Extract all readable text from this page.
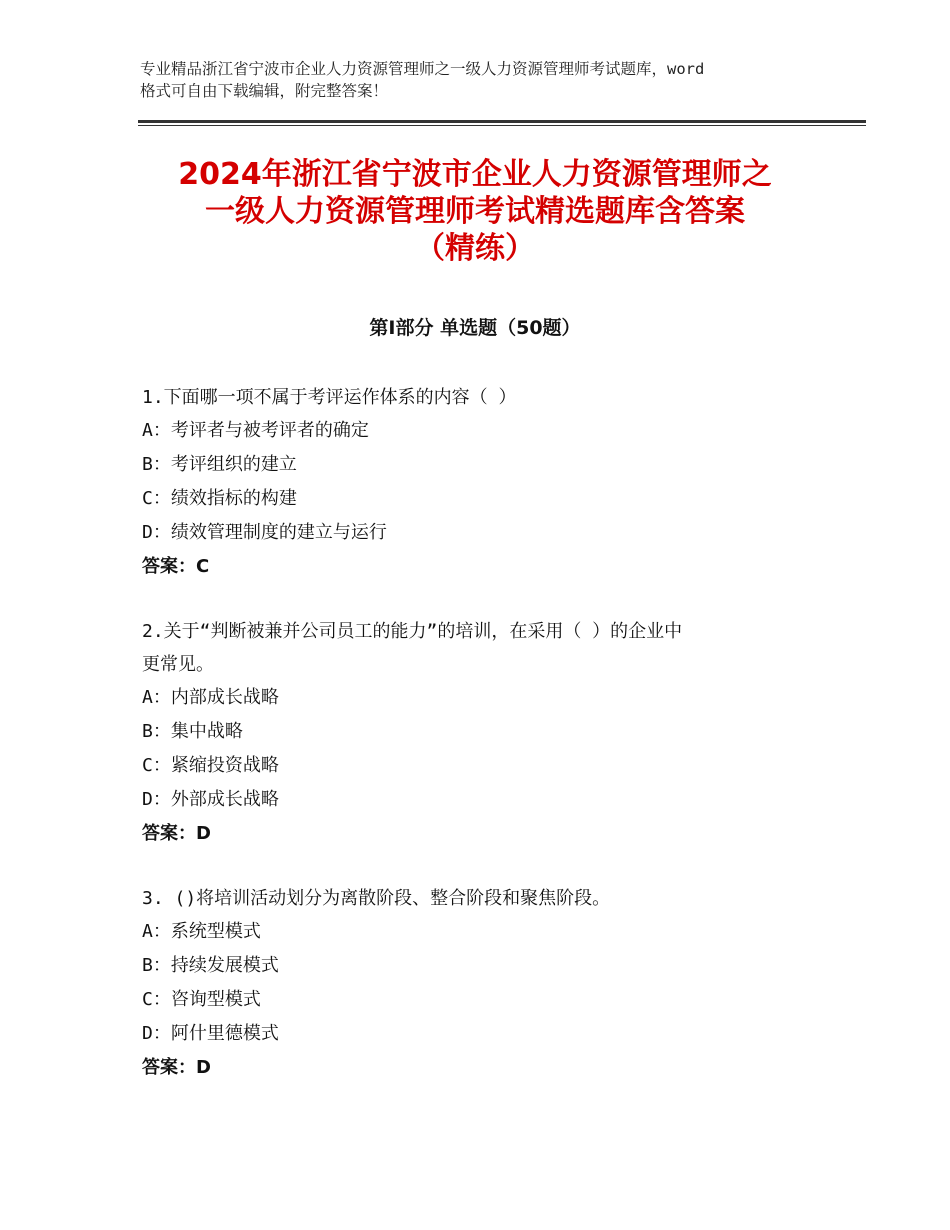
专业精品浙江省宁波市企业人力资源管理师之一级人力资源管理师考试题库，word
格式可自由下载编辑，附完整答案！
2024年浙江省宁波市企业人力资源管理师之
一级人力资源管理师考试精选题库含答案
（精练）
第Ⅰ部分 单选题（50题）
1.下面哪一项不属于考评运作体系的内容（ ）
A：考评者与被考评者的确定
B：考评组织的建立
C：绩效指标的构建
D：绩效管理制度的建立与运行
答案：C
2.关于“判断被兼并公司员工的能力”的培训，在采用（ ）的企业中
更常见。
A：内部成长战略
B：集中战略
C：紧缩投资战略
D：外部成长战略
答案：D
3. ()将培训活动划分为离散阶段、整合阶段和聚焦阶段。
A：系统型模式
B：持续发展模式
C：咨询型模式
D：阿什里德模式
答案：D
